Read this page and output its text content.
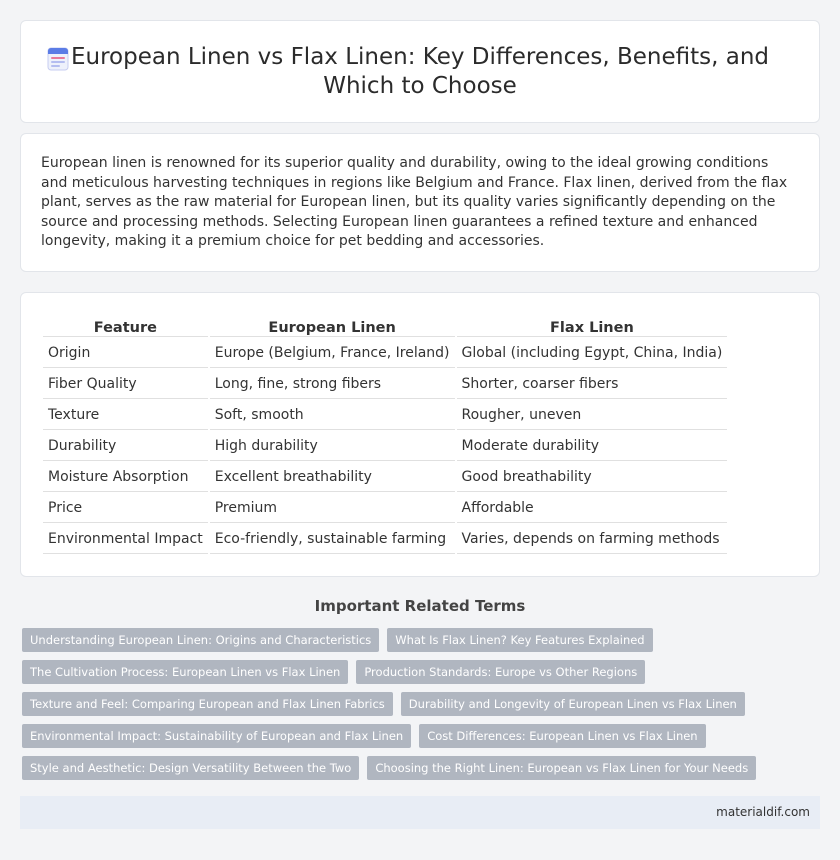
European Linen vs Flax Linen: Key Differences, Benefits, and Which to Choose

European linen is renowned for its superior quality and durability, owing to the ideal growing conditions and meticulous harvesting techniques in regions like Belgium and France. Flax linen, derived from the flax plant, serves as the raw material for European linen, but its quality varies significantly depending on the source and processing methods. Selecting European linen guarantees a refined texture and enhanced longevity, making it a premium choice for pet bedding and accessories.

Feature	European Linen	Flax Linen
Origin	Europe (Belgium, France, Ireland)	Global (including Egypt, China, India)
Fiber Quality	Long, fine, strong fibers	Shorter, coarser fibers
Texture	Soft, smooth	Rougher, uneven
Durability	High durability	Moderate durability
Moisture Absorption	Excellent breathability	Good breathability
Price	Premium	Affordable
Environmental Impact	Eco-friendly, sustainable farming	Varies, depends on farming methods
Important Related Terms
Understanding European Linen: Origins and Characteristics	What Is Flax Linen? Key Features Explained
The Cultivation Process: European Linen vs Flax Linen	Production Standards: Europe vs Other Regions
Texture and Feel: Comparing European and Flax Linen Fabrics	Durability and Longevity of European Linen vs Flax Linen
Environmental Impact: Sustainability of European and Flax Linen	Cost Differences: European Linen vs Flax Linen
Style and Aesthetic: Design Versatility Between the Two	Choosing the Right Linen: European vs Flax Linen for Your Needs
materialdif.com
